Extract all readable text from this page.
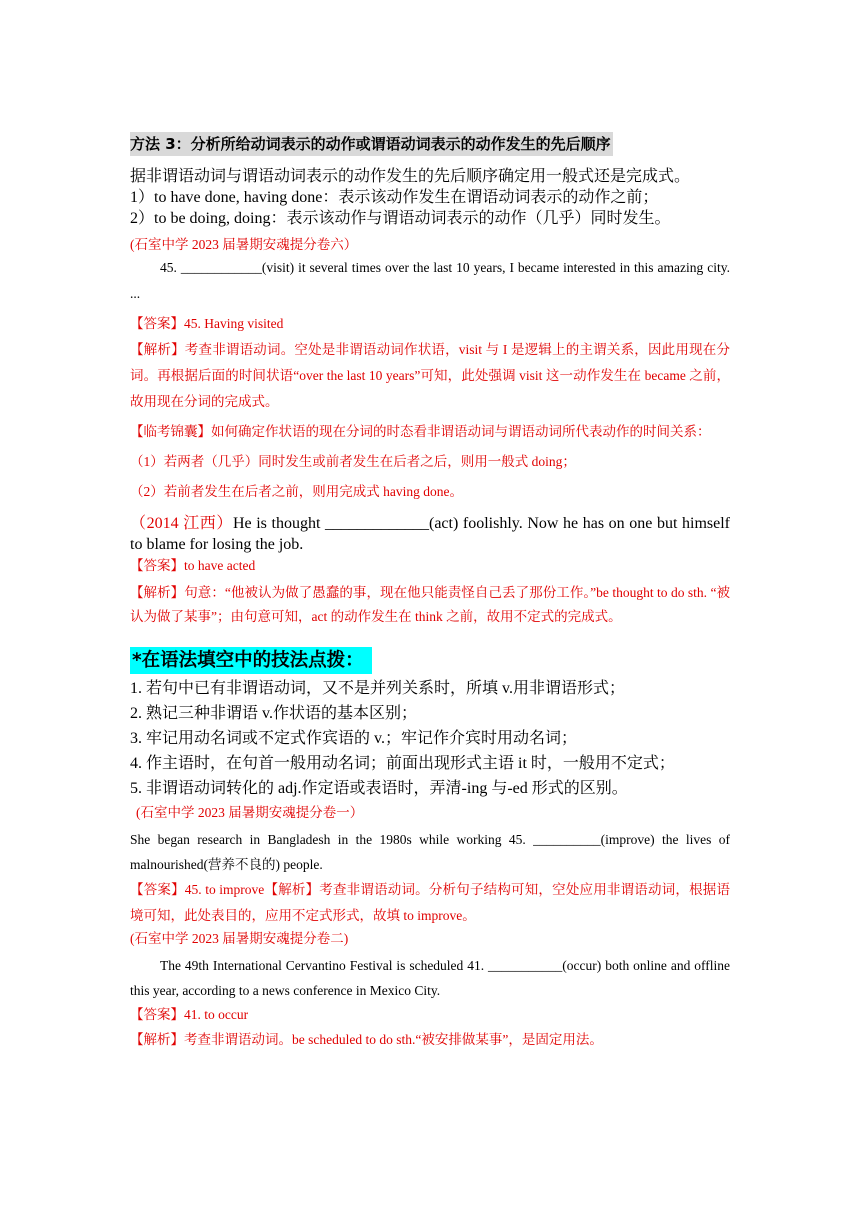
方法 3：分析所给动词表示的动作或谓语动词表示的动作发生的先后顺序
据非谓语动词与谓语动词表示的动作发生的先后顺序确定用一般式还是完成式。
1）to have done, having done：表示该动作发生在谓语动词表示的动作之前；
2）to be doing, doing：表示该动作与谓语动词表示的动作（几乎）同时发生。
(石室中学 2023 届暑期安魂提分卷六）
45. ____________(visit) it several times over the last 10 years, I became interested in this amazing city. ...
【答案】45. Having visited
【解析】考查非谓语动词。空处是非谓语动词作状语，visit 与 I 是逻辑上的主谓关系，因此用现在分词。再根据后面的时间状语“over the last 10 years”可知，此处强调 visit 这一动作发生在 became 之前，故用现在分词的完成式。
【临考锦囊】如何确定作状语的现在分词的时态看非谓语动词与谓语动词所代表动作的时间关系：
（1）若两者（几乎）同时发生或前者发生在后者之后，则用一般式 doing；
（2）若前者发生在后者之前，则用完成式 having done。
（2014 江西）He is thought _____________(act) foolishly. Now he has on one but himself to blame for losing the job.
【答案】to have acted
【解析】句意：“他被认为做了愚蠢的事，现在他只能责怪自己丢了那份工作。”be thought to do sth. “被认为做了某事”；由句意可知，act 的动作发生在 think 之前，故用不定式的完成式。
*在语法填空中的技法点拨：
1. 若句中已有非谓语动词，又不是并列关系时，所填 v.用非谓语形式；
2. 熟记三种非谓语 v.作状语的基本区别；
3. 牢记用动名词或不定式作宾语的 v.；牢记作介宾时用动名词；
4. 作主语时，在句首一般用动名词；前面出现形式主语 it 时，一般用不定式；
5. 非谓语动词转化的 adj.作定语或表语时，弄清-ing 与-ed 形式的区别。
(石室中学 2023 届暑期安魂提分卷一）
She began research in Bangladesh in the 1980s while working 45. __________(improve) the lives of malnourished(营养不良的) people.
【答案】45. to improve【解析】考查非谓语动词。分析句子结构可知，空处应用非谓语动词，根据语境可知，此处表目的，应用不定式形式，故填 to improve。
(石室中学 2023 届暑期安魂提分卷二)
The 49th International Cervantino Festival is scheduled 41. ___________(occur) both online and offline this year, according to a news conference in Mexico City.
【答案】41. to occur
【解析】考查非谓语动词。be scheduled to do sth.“被安排做某事”，是固定用法。
